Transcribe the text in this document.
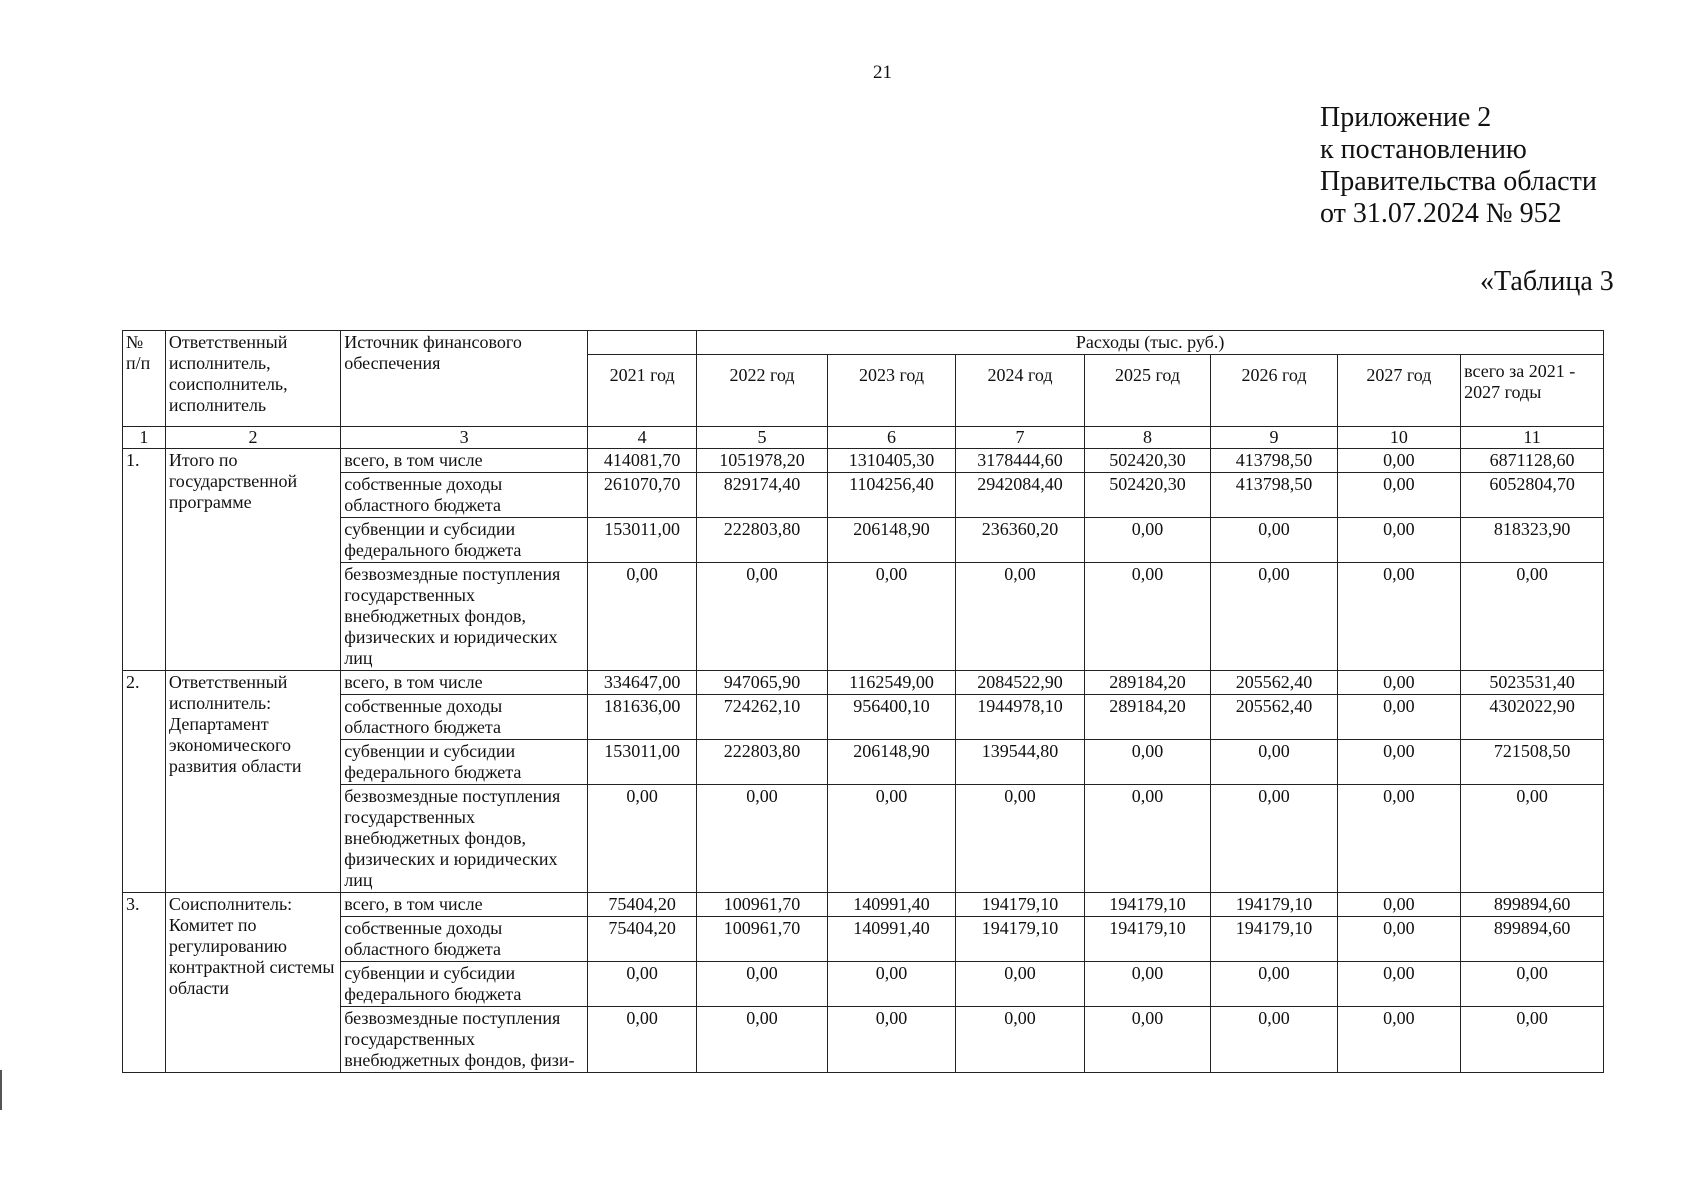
21
Приложение 2
к постановлению
Правительства области
от 31.07.2024 № 952
«Таблица 3
№ п/п	Ответственный исполнитель, соисполнитель, исполнитель	Источник финансового обеспечения		Расходы (тыс. руб.)						
			2021 год	2022 год	2023 год	2024 год	2025 год	2026 год	2027 год	всего за 2021 - 2027 годы
1	2	3	4	5	6	7	8	9	10	11
1.	Итого по государственной программе	всего, в том числе	414081,70	1051978,20	1310405,30	3178444,60	502420,30	413798,50	0,00	6871128,60
		собственные доходы областного бюджета	261070,70	829174,40	1104256,40	2942084,40	502420,30	413798,50	0,00	6052804,70
		субвенции и субсидии федерального бюджета	153011,00	222803,80	206148,90	236360,20	0,00	0,00	0,00	818323,90
		безвозмездные поступления государственных внебюджетных фондов, физических и юридических лиц	0,00	0,00	0,00	0,00	0,00	0,00	0,00	0,00
2.	Ответственный исполнитель: Департамент экономического развития области	всего, в том числе	334647,00	947065,90	1162549,00	2084522,90	289184,20	205562,40	0,00	5023531,40
		собственные доходы областного бюджета	181636,00	724262,10	956400,10	1944978,10	289184,20	205562,40	0,00	4302022,90
		субвенции и субсидии федерального бюджета	153011,00	222803,80	206148,90	139544,80	0,00	0,00	0,00	721508,50
		безвозмездные поступления государственных внебюджетных фондов, физических и юридических лиц	0,00	0,00	0,00	0,00	0,00	0,00	0,00	0,00
3.	Соисполнитель: Комитет по регулированию контрактной системы области	всего, в том числе	75404,20	100961,70	140991,40	194179,10	194179,10	194179,10	0,00	899894,60
		собственные доходы областного бюджета	75404,20	100961,70	140991,40	194179,10	194179,10	194179,10	0,00	899894,60
		субвенции и субсидии федерального бюджета	0,00	0,00	0,00	0,00	0,00	0,00	0,00	0,00
		безвозмездные поступления государственных внебюджетных фондов, физи-	0,00	0,00	0,00	0,00	0,00	0,00	0,00	0,00
